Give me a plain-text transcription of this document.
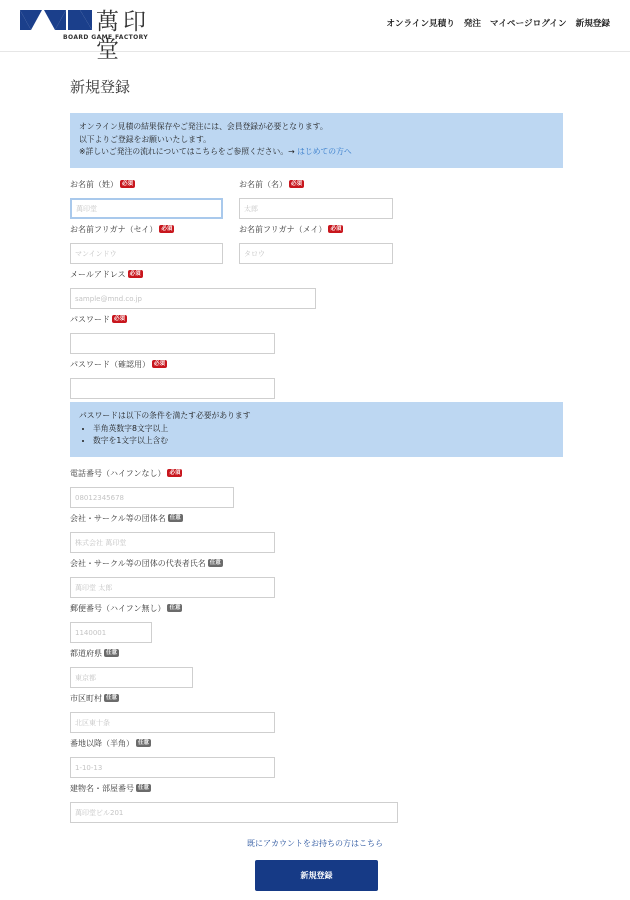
萬印堂
BOARD GAME FACTORY
オンライン見積り 発注 マイページログイン 新規登録
新規登録
オンライン見積の結果保存やご発注には、会員登録が必要となります。
以下よりご登録をお願いいたします。
※詳しいご発注の流れについてはこちらをご参照ください。→ はじめての方へ
お名前（姓） 必須
萬印堂	お名前（名） 必須
太郎
お名前フリガナ（セイ） 必須
マンインドウ	お名前フリガナ（メイ） 必須
タロウ
メールアドレス 必須
sample@mnd.co.jp
パスワード 必須
パスワード（確認用） 必須
パスワードは以下の条件を満たす必要があります
• 半角英数字8文字以上
• 数字を1文字以上含む
電話番号（ハイフンなし） 必須
08012345678
会社・サークル等の団体名 任意
株式会社 萬印堂
会社・サークル等の団体の代表者氏名 任意
萬印堂 太郎
郵便番号（ハイフン無し） 任意
1140001
都道府県 任意
東京都
市区町村 任意
北区東十条
番地以降（半角） 任意
1-10-13
建物名・部屋番号 任意
萬印堂ビル201
既にアカウントをお持ちの方はこちら
新規登録
